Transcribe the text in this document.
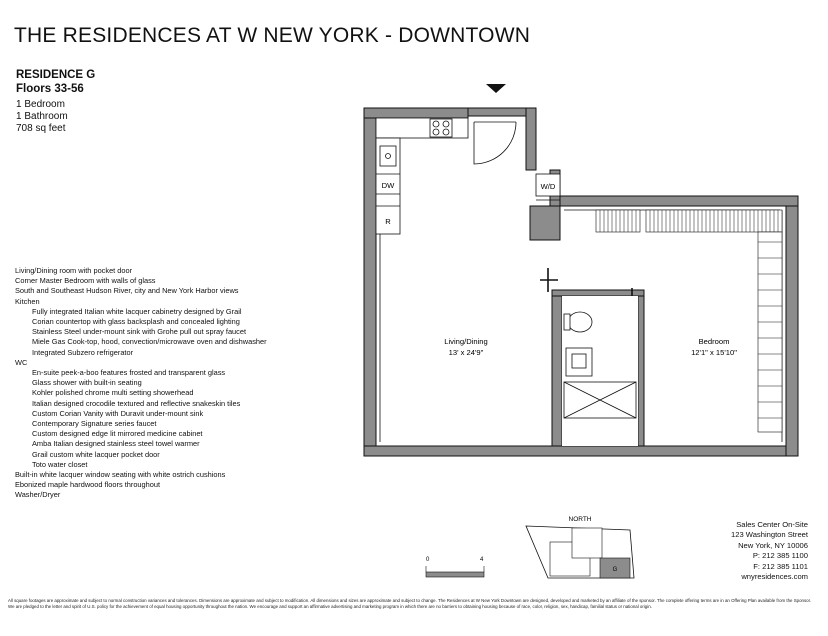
THE RESIDENCES AT W NEW YORK - DOWNTOWN
RESIDENCE G
Floors 33-56
1 Bedroom
1 Bathroom
708 sq feet
Living/Dining room with pocket door
Corner Master Bedroom with walls of glass
South and Southeast Hudson River, city and New York Harbor views
Kitchen
Fully integrated Italian white lacquer cabinetry designed by Grail
Corian countertop with glass backsplash and concealed lighting
Stainless Steel under-mount sink with Grohe pull out spray faucet
Miele Gas Cook-top, hood, convection/microwave oven and dishwasher
Integrated Subzero refrigerator
WC
En-suite peek-a-boo features frosted and transparent glass
Glass shower with built-in seating
Kohler polished chrome multi setting showerhead
Italian designed crocodile textured and reflective snakeskin tiles
Custom Corian Vanity with Duravit under-mount sink
Contemporary Signature series faucet
Custom designed edge lit mirrored medicine cabinet
Amba Italian designed stainless steel towel warmer
Grail custom white lacquer pocket door
Toto water closet
Built-in white lacquer window seating with white ostrich cushions
Ebonized maple hardwood floors throughout
Washer/Dryer
DW
R
W/D
Living/Dining
13' x 24'9"
Bedroom
12'1" x 15'10"
NORTH
G
0	4
Sales Center On-Site
123 Washington Street
New York, NY 10006
P: 212 385 1100
F: 212 385 1101
wnyresidences.com
All square footages are approximate and subject to normal construction variances and tolerances. Dimensions are approximate and subject to modification. All dimensions and sizes are approximate and subject to change. The Residences at W New York Downtown are designed, developed and marketed by an affiliate of the sponsor. The complete offering terms are in an Offering Plan available from the Sponsor. We are pledged to the letter and spirit of U.S. policy for the achievement of equal housing opportunity throughout the nation. We encourage and support an affirmative advertising and marketing program in which there are no barriers to obtaining housing because of race, color, religion, sex, handicap, familial status or national origin.
